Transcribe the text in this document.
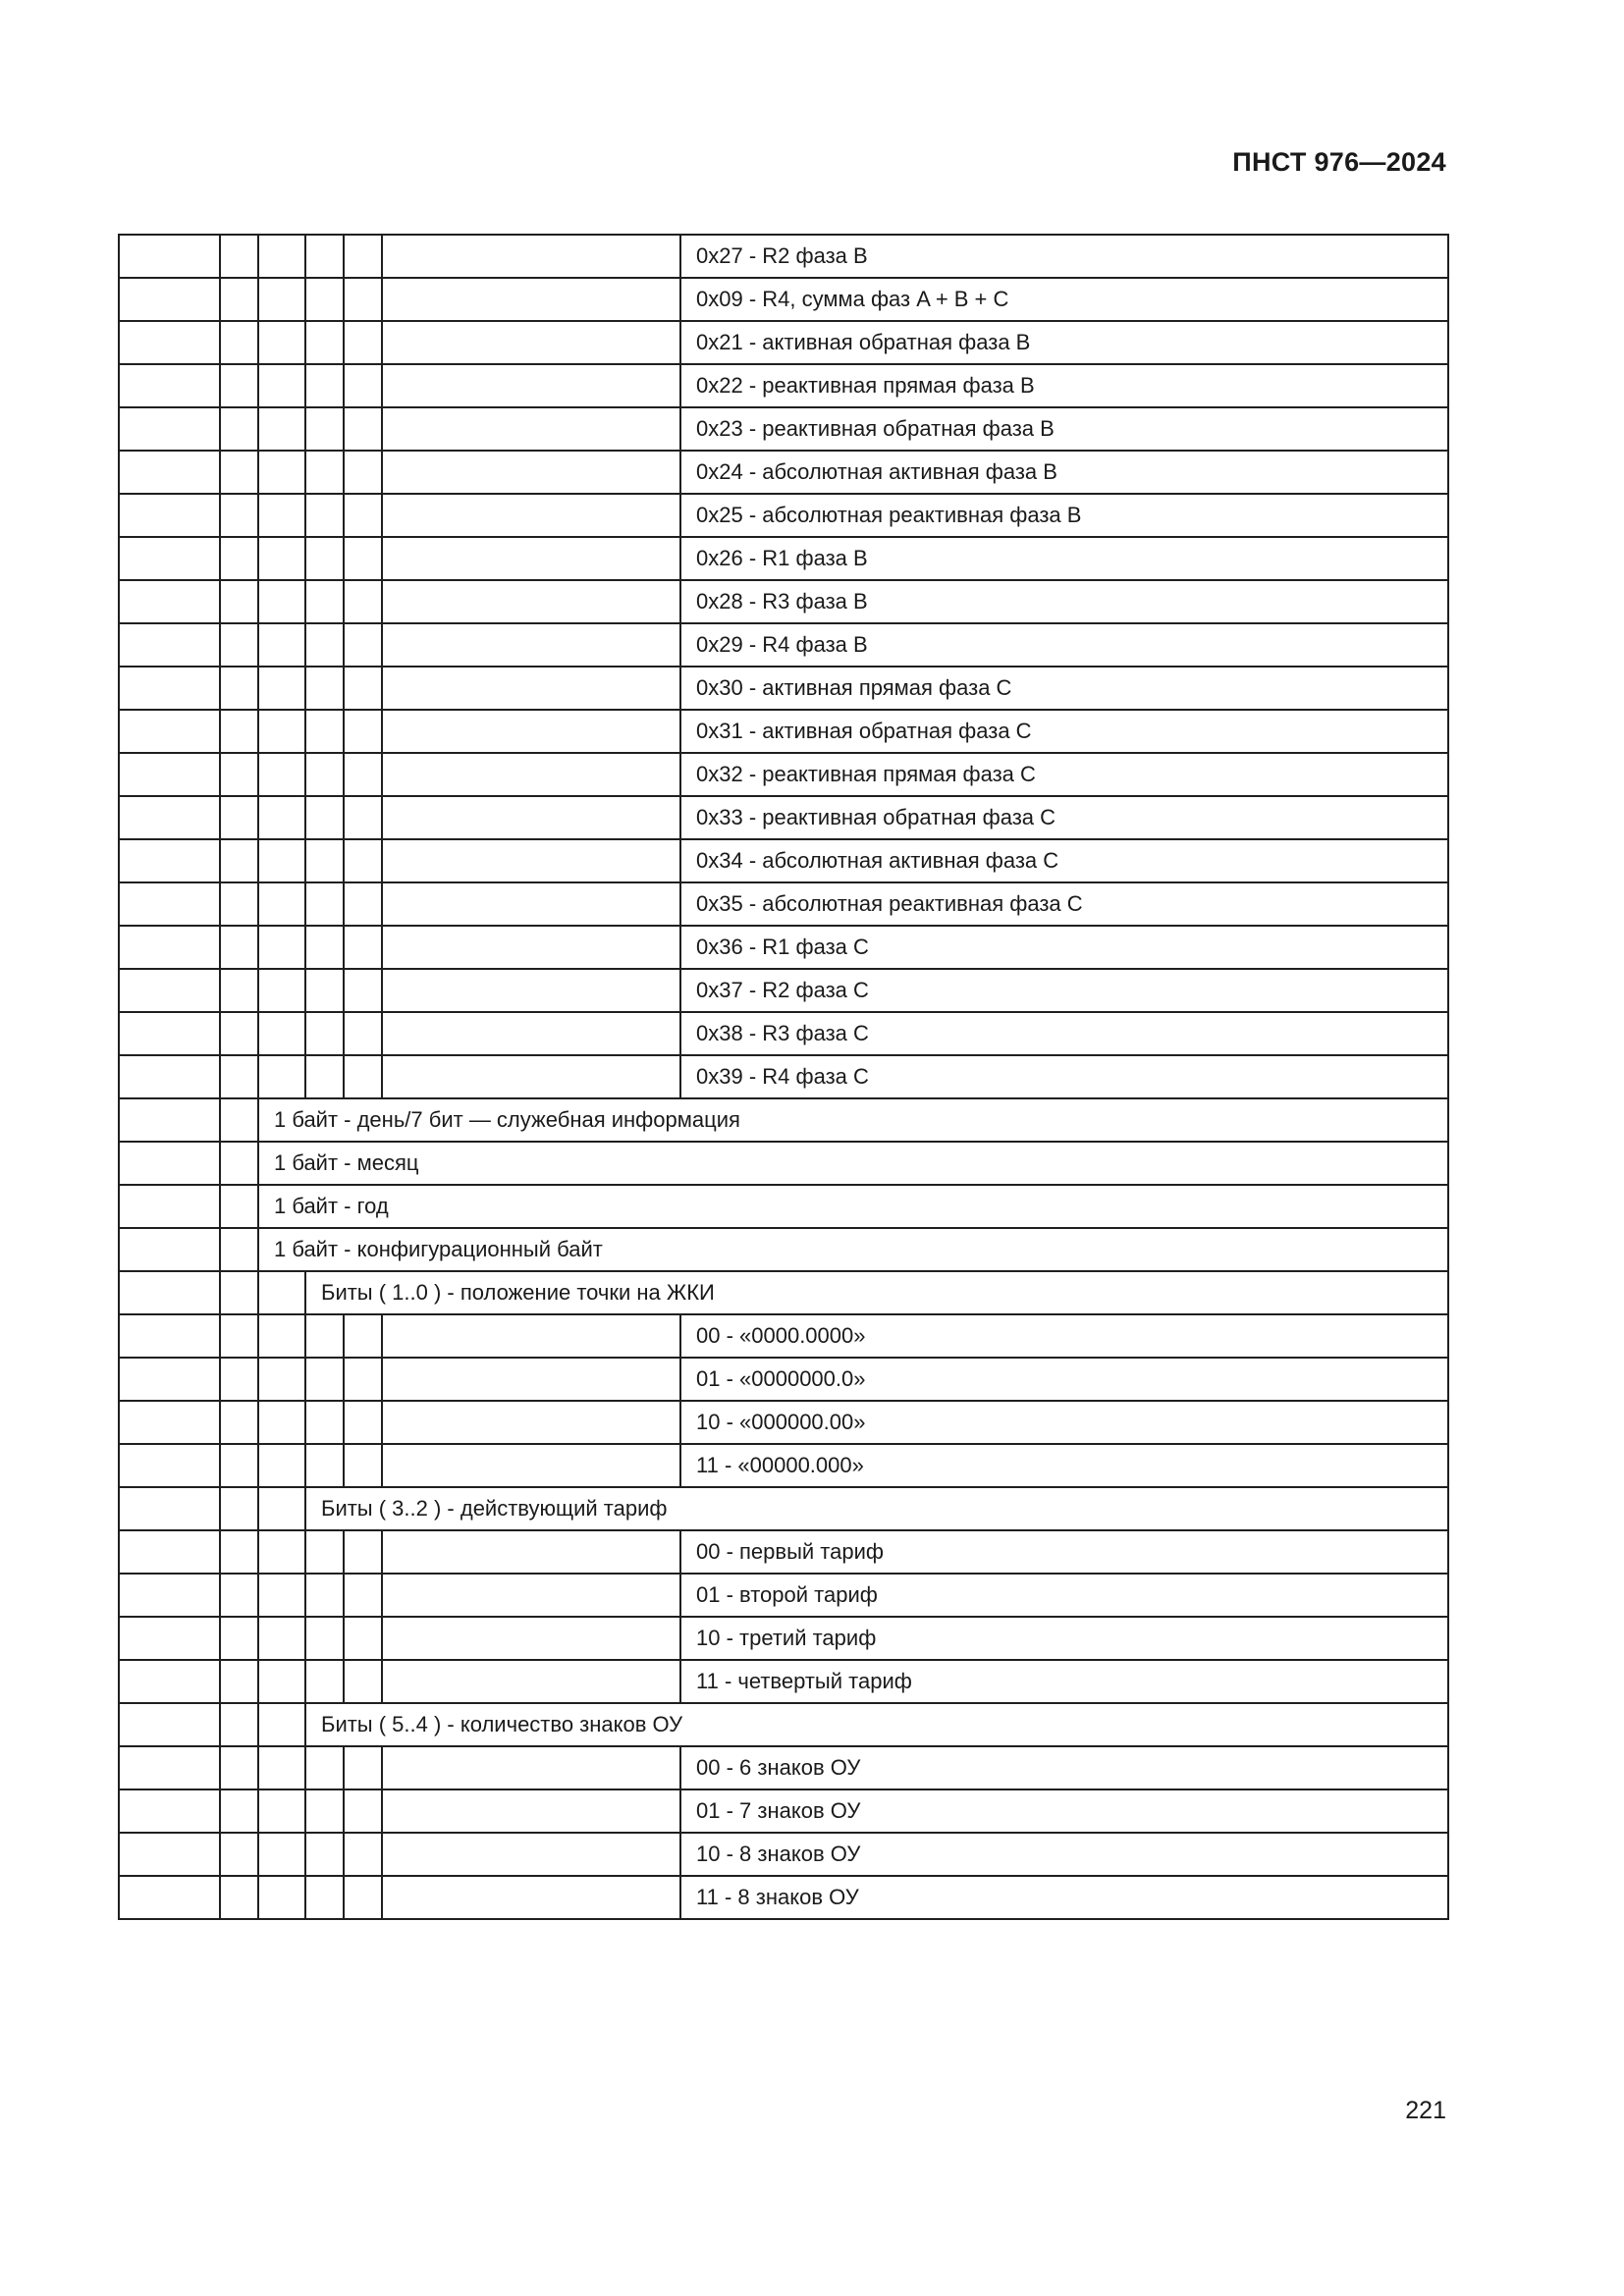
ПНСТ 976—2024
						0x27 - R2 фаза B
						0x09 - R4, сумма фаз A + B + C
						0x21 - активная обратная фаза B
						0x22 - реактивная прямая фаза B
						0x23 - реактивная обратная фаза B
						0x24 - абсолютная активная фаза B
						0x25 - абсолютная реактивная фаза B
						0x26 - R1 фаза B
						0x28 - R3 фаза B
						0x29 - R4 фаза B
						0x30 - активная прямая фаза C
						0x31 - активная обратная фаза C
						0x32 - реактивная прямая фаза C
						0x33 - реактивная обратная фаза C
						0x34 - абсолютная активная фаза C
						0x35 - абсолютная реактивная фаза C
						0x36 - R1 фаза C
						0x37 - R2 фаза C
						0x38 - R3 фаза C
						0x39 - R4 фаза C
		1 байт - день/7 бит — служебная информация				
		1 байт - месяц				
		1 байт - год				
		1 байт - конфигурационный байт				
			Биты ( 1..0 ) - положение точки на ЖКИ			
						00 - «0000.0000»
						01 - «0000000.0»
						10 - «000000.00»
						11 - «00000.000»
			Биты ( 3..2 ) - действующий тариф			
						00 - первый тариф
						01 - второй тариф
						10 - третий тариф
						11 - четвертый тариф
			Биты ( 5..4 ) - количество знаков ОУ			
						00 - 6 знаков ОУ
						01 - 7 знаков ОУ
						10 - 8 знаков ОУ
						11 - 8 знаков ОУ
221
